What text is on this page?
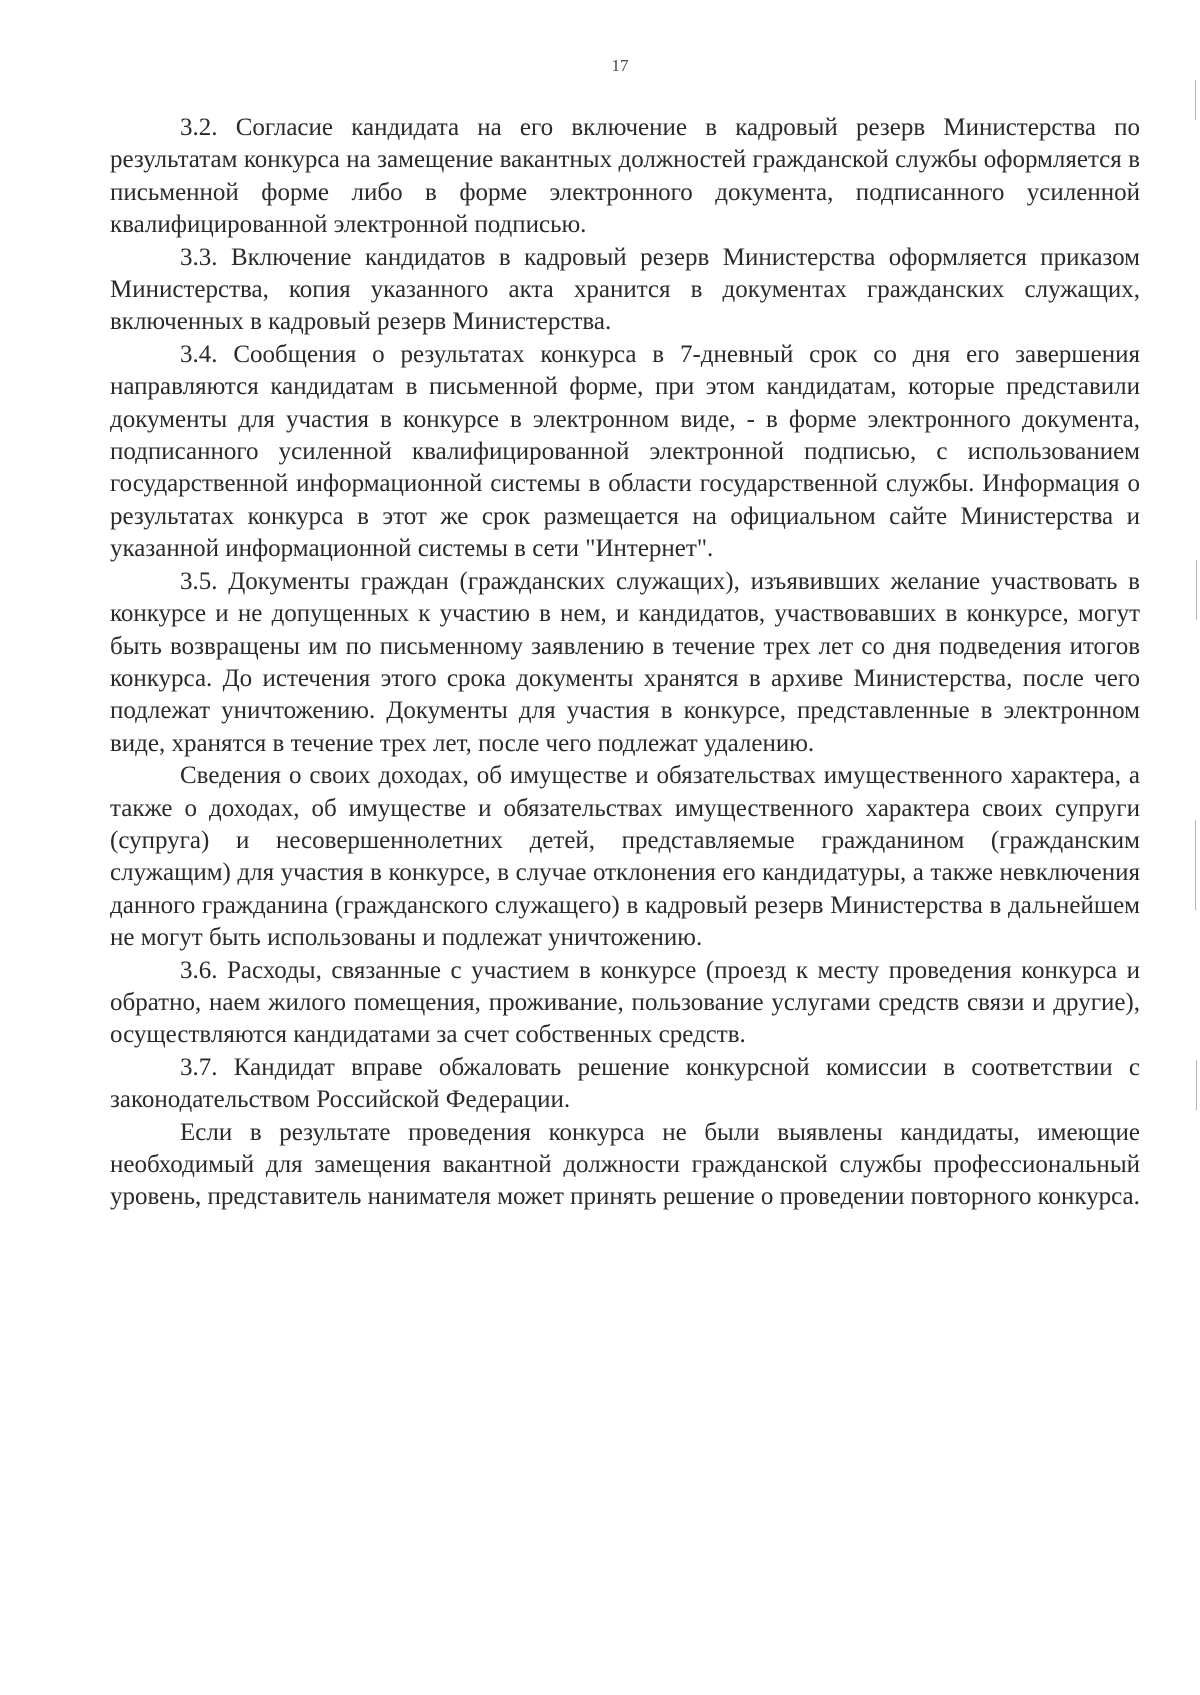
17

3.2. Согласие кандидата на его включение в кадровый резерв Министерства по результатам конкурса на замещение вакантных должностей гражданской службы оформляется в письменной форме либо в форме электронного документа, подписанного усиленной квалифицированной электронной подписью.

3.3. Включение кандидатов в кадровый резерв Министерства оформляется приказом Министерства, копия указанного акта хранится в документах гражданских служащих, включенных в кадровый резерв Министерства.

3.4. Сообщения о результатах конкурса в 7-дневный срок со дня его завершения направляются кандидатам в письменной форме, при этом кандидатам, которые представили документы для участия в конкурсе в электронном виде, - в форме электронного документа, подписанного усиленной квалифицированной электронной подписью, с использованием государственной информационной системы в области государственной службы. Информация о результатах конкурса в этот же срок размещается на официальном сайте Министерства и указанной информационной системы в сети "Интернет".

3.5. Документы граждан (гражданских служащих), изъявивших желание участвовать в конкурсе и не допущенных к участию в нем, и кандидатов, участвовавших в конкурсе, могут быть возвращены им по письменному заявлению в течение трех лет со дня подведения итогов конкурса. До истечения этого срока документы хранятся в архиве Министерства, после чего подлежат уничтожению. Документы для участия в конкурсе, представленные в электронном виде, хранятся в течение трех лет, после чего подлежат удалению.

Сведения о своих доходах, об имуществе и обязательствах имущественного характера, а также о доходах, об имуществе и обязательствах имущественного характера своих супруги (супруга) и несовершеннолетних детей, представляемые гражданином (гражданским служащим) для участия в конкурсе, в случае отклонения его кандидатуры, а также невключения данного гражданина (гражданского служащего) в кадровый резерв Министерства в дальнейшем не могут быть использованы и подлежат уничтожению.

3.6. Расходы, связанные с участием в конкурсе (проезд к месту проведения конкурса и обратно, наем жилого помещения, проживание, пользование услугами средств связи и другие), осуществляются кандидатами за счет собственных средств.

3.7. Кандидат вправе обжаловать решение конкурсной комиссии в соответствии с законодательством Российской Федерации.

Если в результате проведения конкурса не были выявлены кандидаты, имеющие необходимый для замещения вакантной должности гражданской службы профессиональный уровень, представитель нанимателя может принять решение о проведении повторного конкурса.
